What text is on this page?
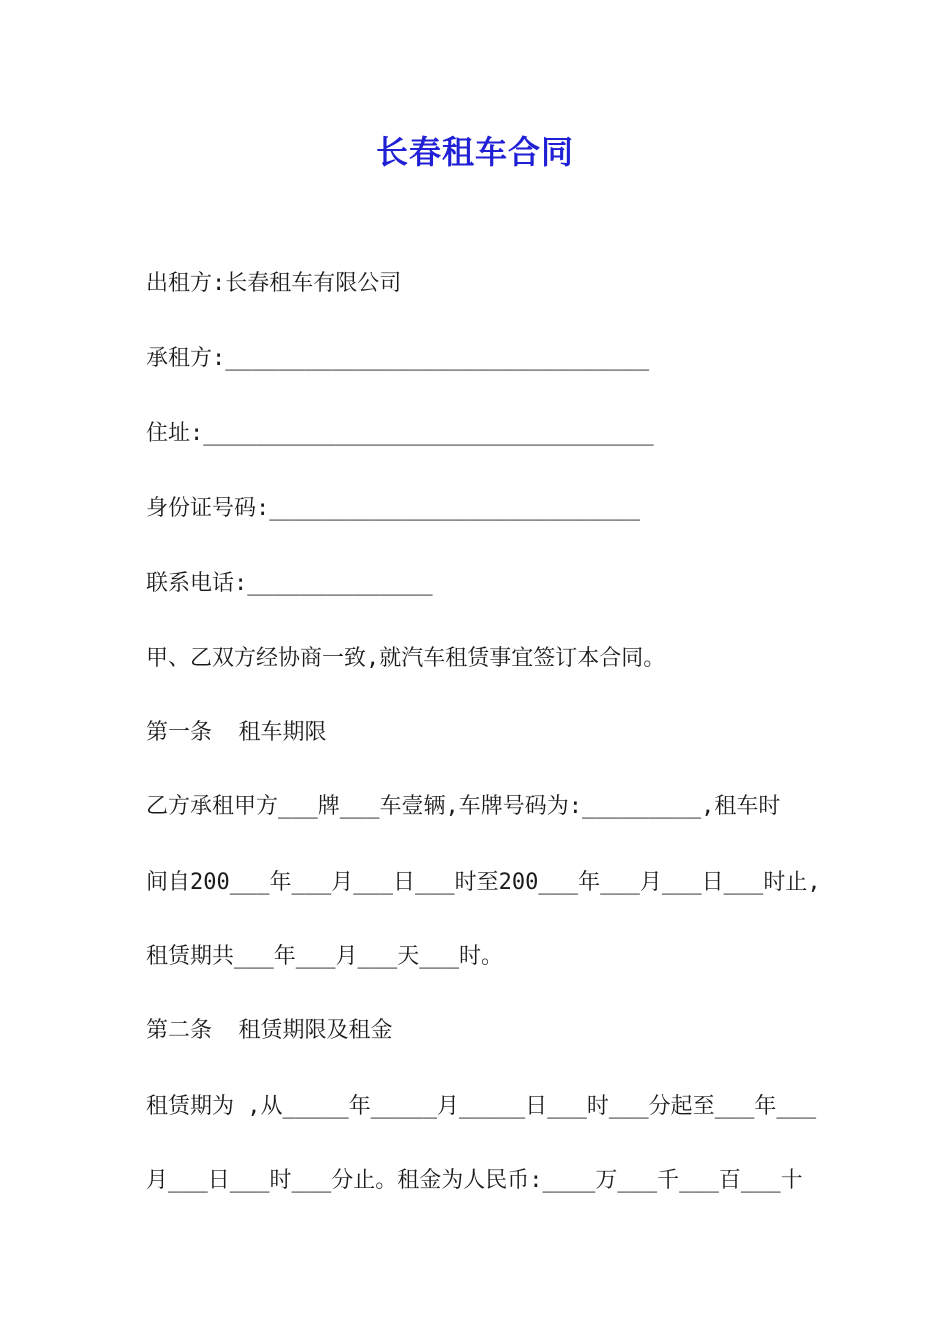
长春租车合同
出租方:长春租车有限公司
承租方:________________________________
住址:__________________________________
身份证号码:____________________________
联系电话:______________
甲、乙双方经协商一致,就汽车租赁事宜签订本合同。
第一条  租车期限
乙方承租甲方___牌___车壹辆,车牌号码为:_________,租车时
间自200___年___月___日___时至200___年___月___日___时止,
租赁期共___年___月___天___时。
第二条  租赁期限及租金
租赁期为 ,从_____年_____月_____日___时___分起至___年___
月___日___时___分止。租金为人民币:____万___千___百___十
